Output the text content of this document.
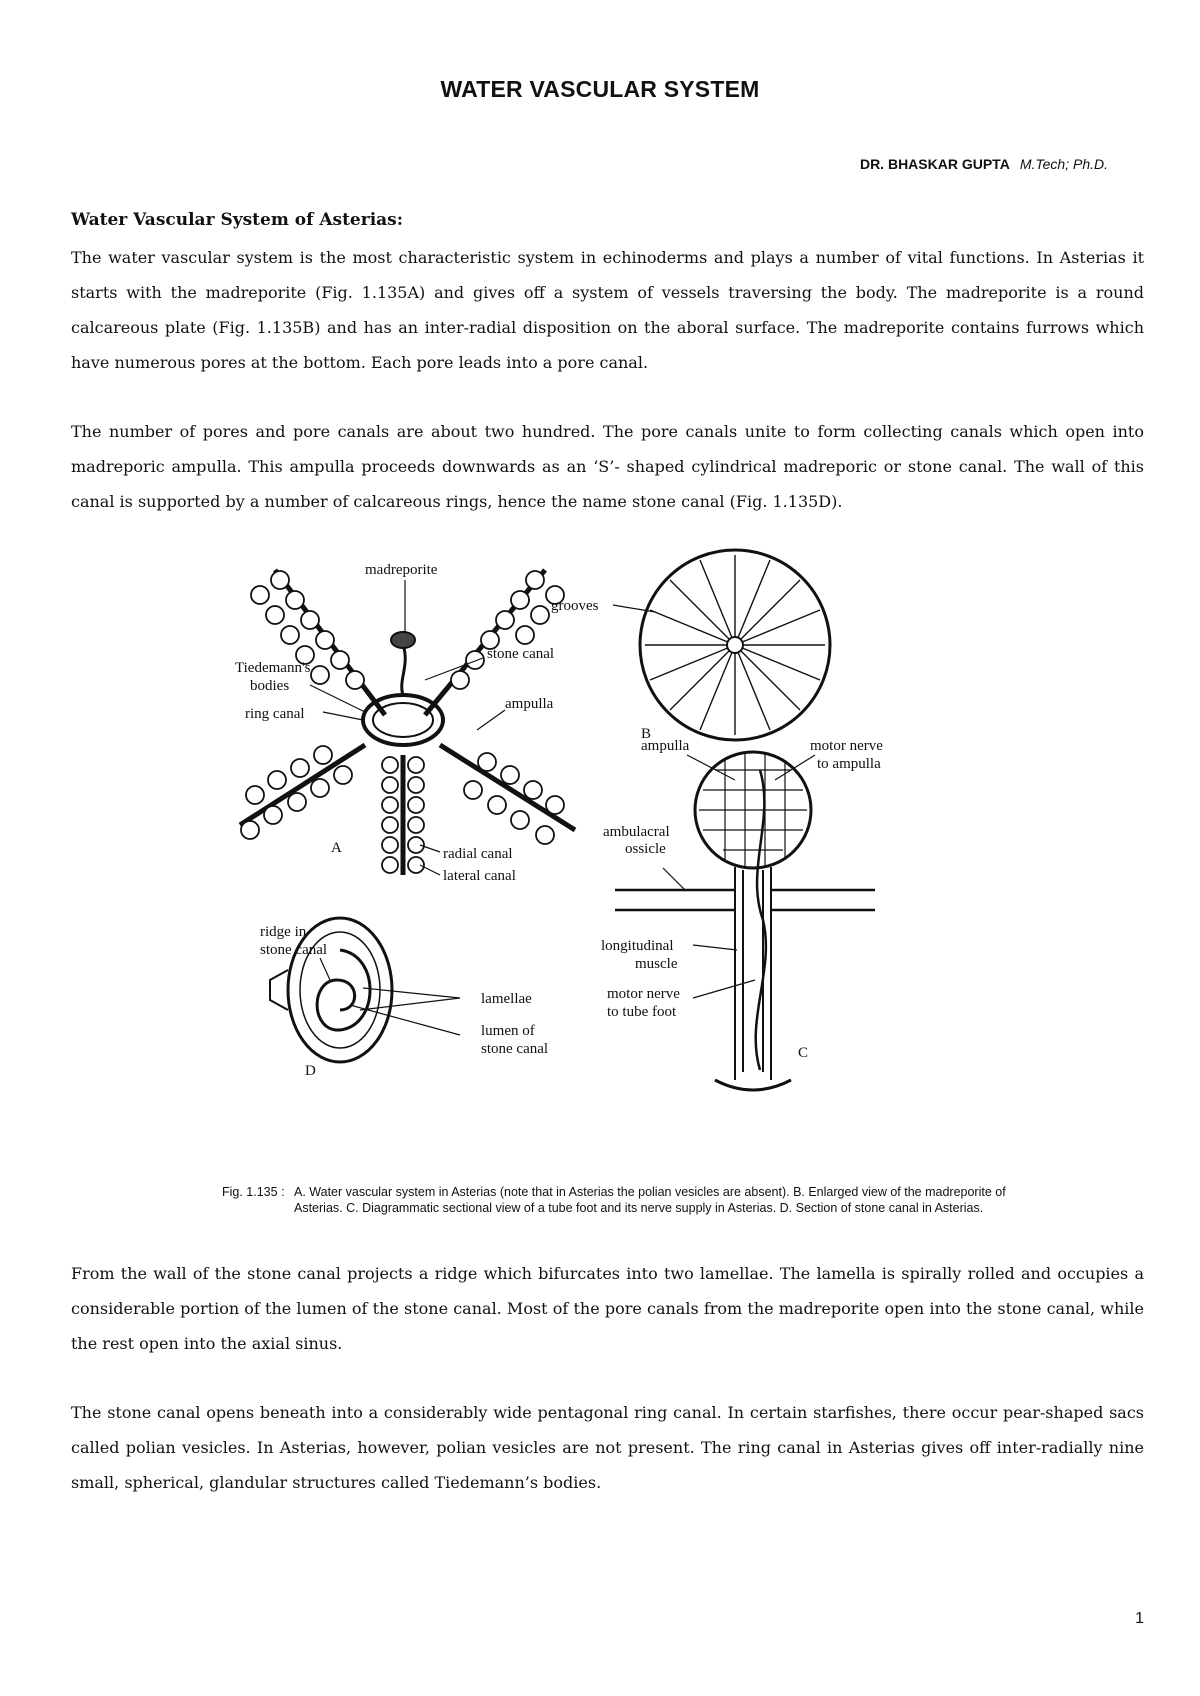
WATER VASCULAR SYSTEM
DR. BHASKAR GUPTA M.Tech; Ph.D.
Water Vascular System of Asterias:

The water vascular system is the most characteristic system in echinoderms and plays a number of vital functions. In Asterias it starts with the madreporite (Fig. 1.135A) and gives off a system of vessels traversing the body. The madreporite is a round calcareous plate (Fig. 1.135B) and has an inter-radial disposition on the aboral surface. The madreporite contains furrows which have numerous pores at the bottom. Each pore leads into a pore canal.

The number of pores and pore canals are about two hundred. The pore canals unite to form collecting canals which open into madreporic ampulla. This ampulla proceeds downwards as an ‘S’- shaped cylindrical madreporic or stone canal. The wall of this canal is supported by a number of calcareous rings, hence the name stone canal (Fig. 1.135D).

madreporite
stone canal
Tiedemann's
bodies
ring canal
ampulla
radial canal
lateral canal
A
grooves
B
ampulla	motor nerve
to ampulla
ambulacral
ossicle
longitudinal
muscle
motor nerve
to tube foot
C
ridge in
stone canal
lamellae
lumen of
stone canal
D
Fig. 1.135 : A. Water vascular system in Asterias (note that in Asterias the polian vesicles are absent). B. Enlarged view of the madreporite of Asterias. C. Diagrammatic sectional view of a tube foot and its nerve supply in Asterias. D. Section of stone canal in Asterias.

From the wall of the stone canal projects a ridge which bifurcates into two lamellae. The lamella is spirally rolled and occupies a considerable portion of the lumen of the stone canal. Most of the pore canals from the madreporite open into the stone canal, while the rest open into the axial sinus.

The stone canal opens beneath into a considerably wide pentagonal ring canal. In certain starfishes, there occur pear-shaped sacs called polian vesicles. In Asterias, however, polian vesicles are not present. The ring canal in Asterias gives off inter-radially nine small, spherical, glandular structures called Tiedemann’s bodies.

1
